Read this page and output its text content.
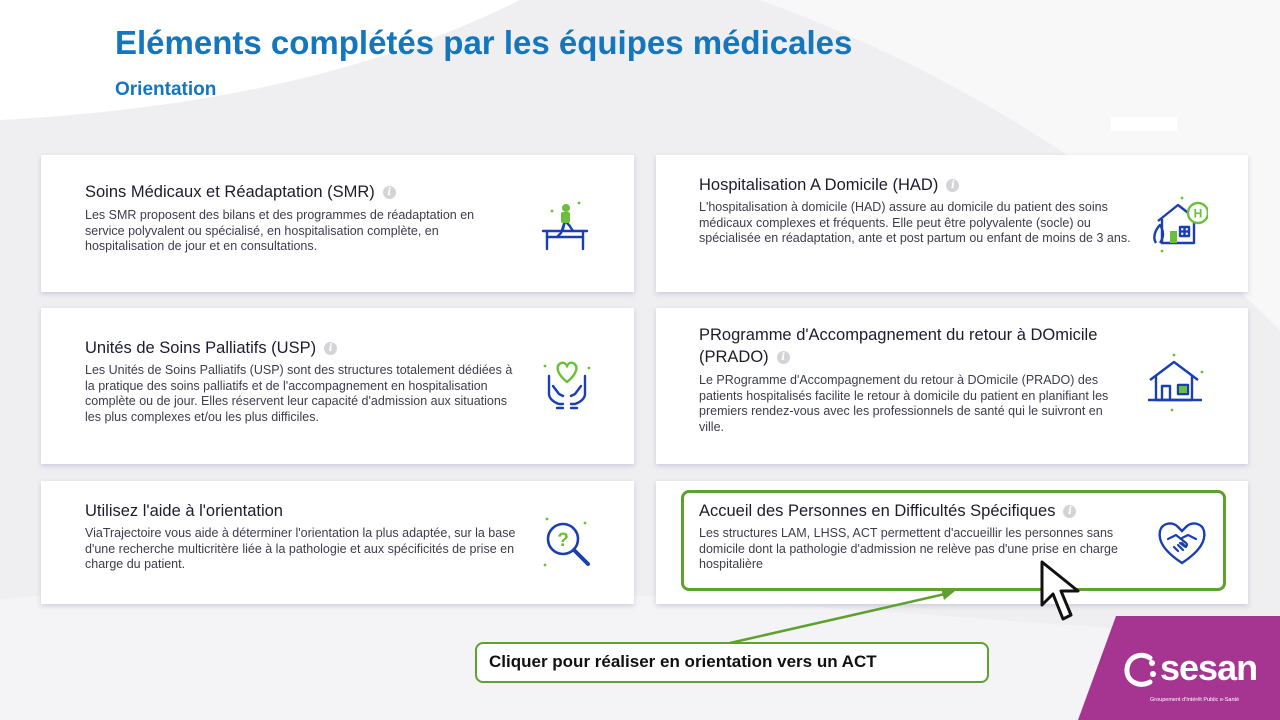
Eléments complétés par les équipes médicales
Orientation

Soins Médicaux et Réadaptation (SMR) i

Les SMR proposent des bilans et des programmes de réadaptation en service polyvalent ou spécialisé, en hospitalisation complète, en hospitalisation de jour et en consultations.

Hospitalisation A Domicile (HAD) i

L'hospitalisation à domicile (HAD) assure au domicile du patient des soins médicaux complexes et fréquents. Elle peut être polyvalente (socle) ou spécialisée en réadaptation, ante et post partum ou enfant de moins de 3 ans.

H

Unités de Soins Palliatifs (USP) i

Les Unités de Soins Palliatifs (USP) sont des structures totalement dédiées à la pratique des soins palliatifs et de l'accompagnement en hospitalisation complète ou de jour. Elles réservent leur capacité d'admission aux situations les plus complexes et/ou les plus difficiles.

PRogramme d'Accompagnement du retour à DOmicile (PRADO) i

Le PRogramme d'Accompagnement du retour à DOmicile (PRADO) des patients hospitalisés facilite le retour à domicile du patient en planifiant les premiers rendez-vous avec les professionnels de santé qui le suivront en ville.

Utilisez l'aide à l'orientation

ViaTrajectoire vous aide à déterminer l'orientation la plus adaptée, sur la base d'une recherche multicritère liée à la pathologie et aux spécificités de prise en charge du patient.

?

Accueil des Personnes en Difficultés Spécifiques i

Les structures LAM, LHSS, ACT permettent d'accueillir les personnes sans domicile dont la pathologie d'admission ne relève pas d'une prise en charge hospitalière

Cliquer pour réaliser en orientation vers un ACT	sesan

Groupement d'Intérêt Public e-Santé
